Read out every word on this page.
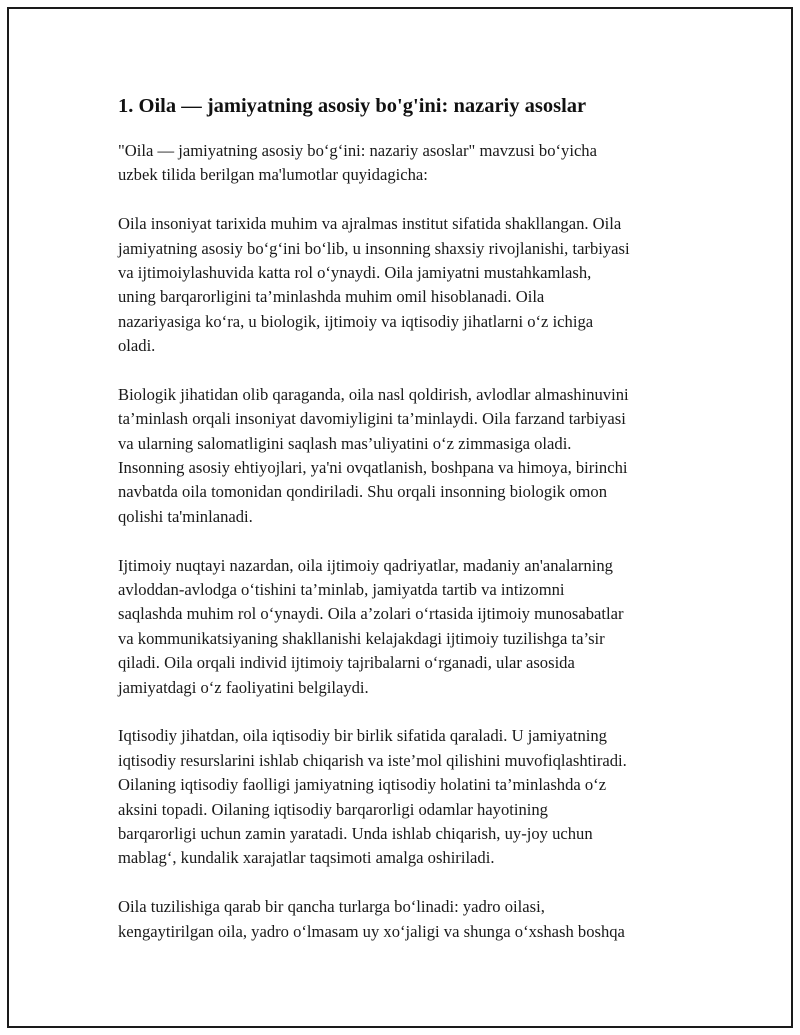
1. Oila — jamiyatning asosiy bo'g'ini: nazariy asoslar
"Oila — jamiyatning asosiy bo‘g‘ini: nazariy asoslar" mavzusi bo‘yicha
uzbek tilida berilgan ma'lumotlar quyidagicha:
Oila insoniyat tarixida muhim va ajralmas institut sifatida shakllangan. Oila
jamiyatning asosiy bo‘g‘ini bo‘lib, u insonning shaxsiy rivojlanishi, tarbiyasi
va ijtimoiylashuvida katta rol o‘ynaydi. Oila jamiyatni mustahkamlash,
uning barqarorligini ta’minlashda muhim omil hisoblanadi. Oila
nazariyasiga ko‘ra, u biologik, ijtimoiy va iqtisodiy jihatlarni o‘z ichiga
oladi.
Biologik jihatidan olib qaraganda, oila nasl qoldirish, avlodlar almashinuvini
ta’minlash orqali insoniyat davomiyligini ta’minlaydi. Oila farzand tarbiyasi
va ularning salomatligini saqlash mas’uliyatini o‘z zimmasiga oladi.
Insonning asosiy ehtiyojlari, ya'ni ovqatlanish, boshpana va himoya, birinchi
navbatda oila tomonidan qondiriladi. Shu orqali insonning biologik omon
qolishi ta'minlanadi.
Ijtimoiy nuqtayi nazardan, oila ijtimoiy qadriyatlar, madaniy an'analarning
avloddan-avlodga o‘tishini ta’minlab, jamiyatda tartib va intizomni
saqlashda muhim rol o‘ynaydi. Oila a’zolari o‘rtasida ijtimoiy munosabatlar
va kommunikatsiyaning shakllanishi kelajakdagi ijtimoiy tuzilishga ta’sir
qiladi. Oila orqali individ ijtimoiy tajribalarni o‘rganadi, ular asosida
jamiyatdagi o‘z faoliyatini belgilaydi.
Iqtisodiy jihatdan, oila iqtisodiy bir birlik sifatida qaraladi. U jamiyatning
iqtisodiy resurslarini ishlab chiqarish va iste’mol qilishini muvofiqlashtiradi.
Oilaning iqtisodiy faolligi jamiyatning iqtisodiy holatini ta’minlashda o‘z
aksini topadi. Oilaning iqtisodiy barqarorligi odamlar hayotining
barqarorligi uchun zamin yaratadi. Unda ishlab chiqarish, uy-joy uchun
mablag‘, kundalik xarajatlar taqsimoti amalga oshiriladi.
Oila tuzilishiga qarab bir qancha turlarga bo‘linadi: yadro oilasi,
kengaytirilgan oila, yadro o‘lmasam uy xo‘jaligi va shunga o‘xshash boshqa
